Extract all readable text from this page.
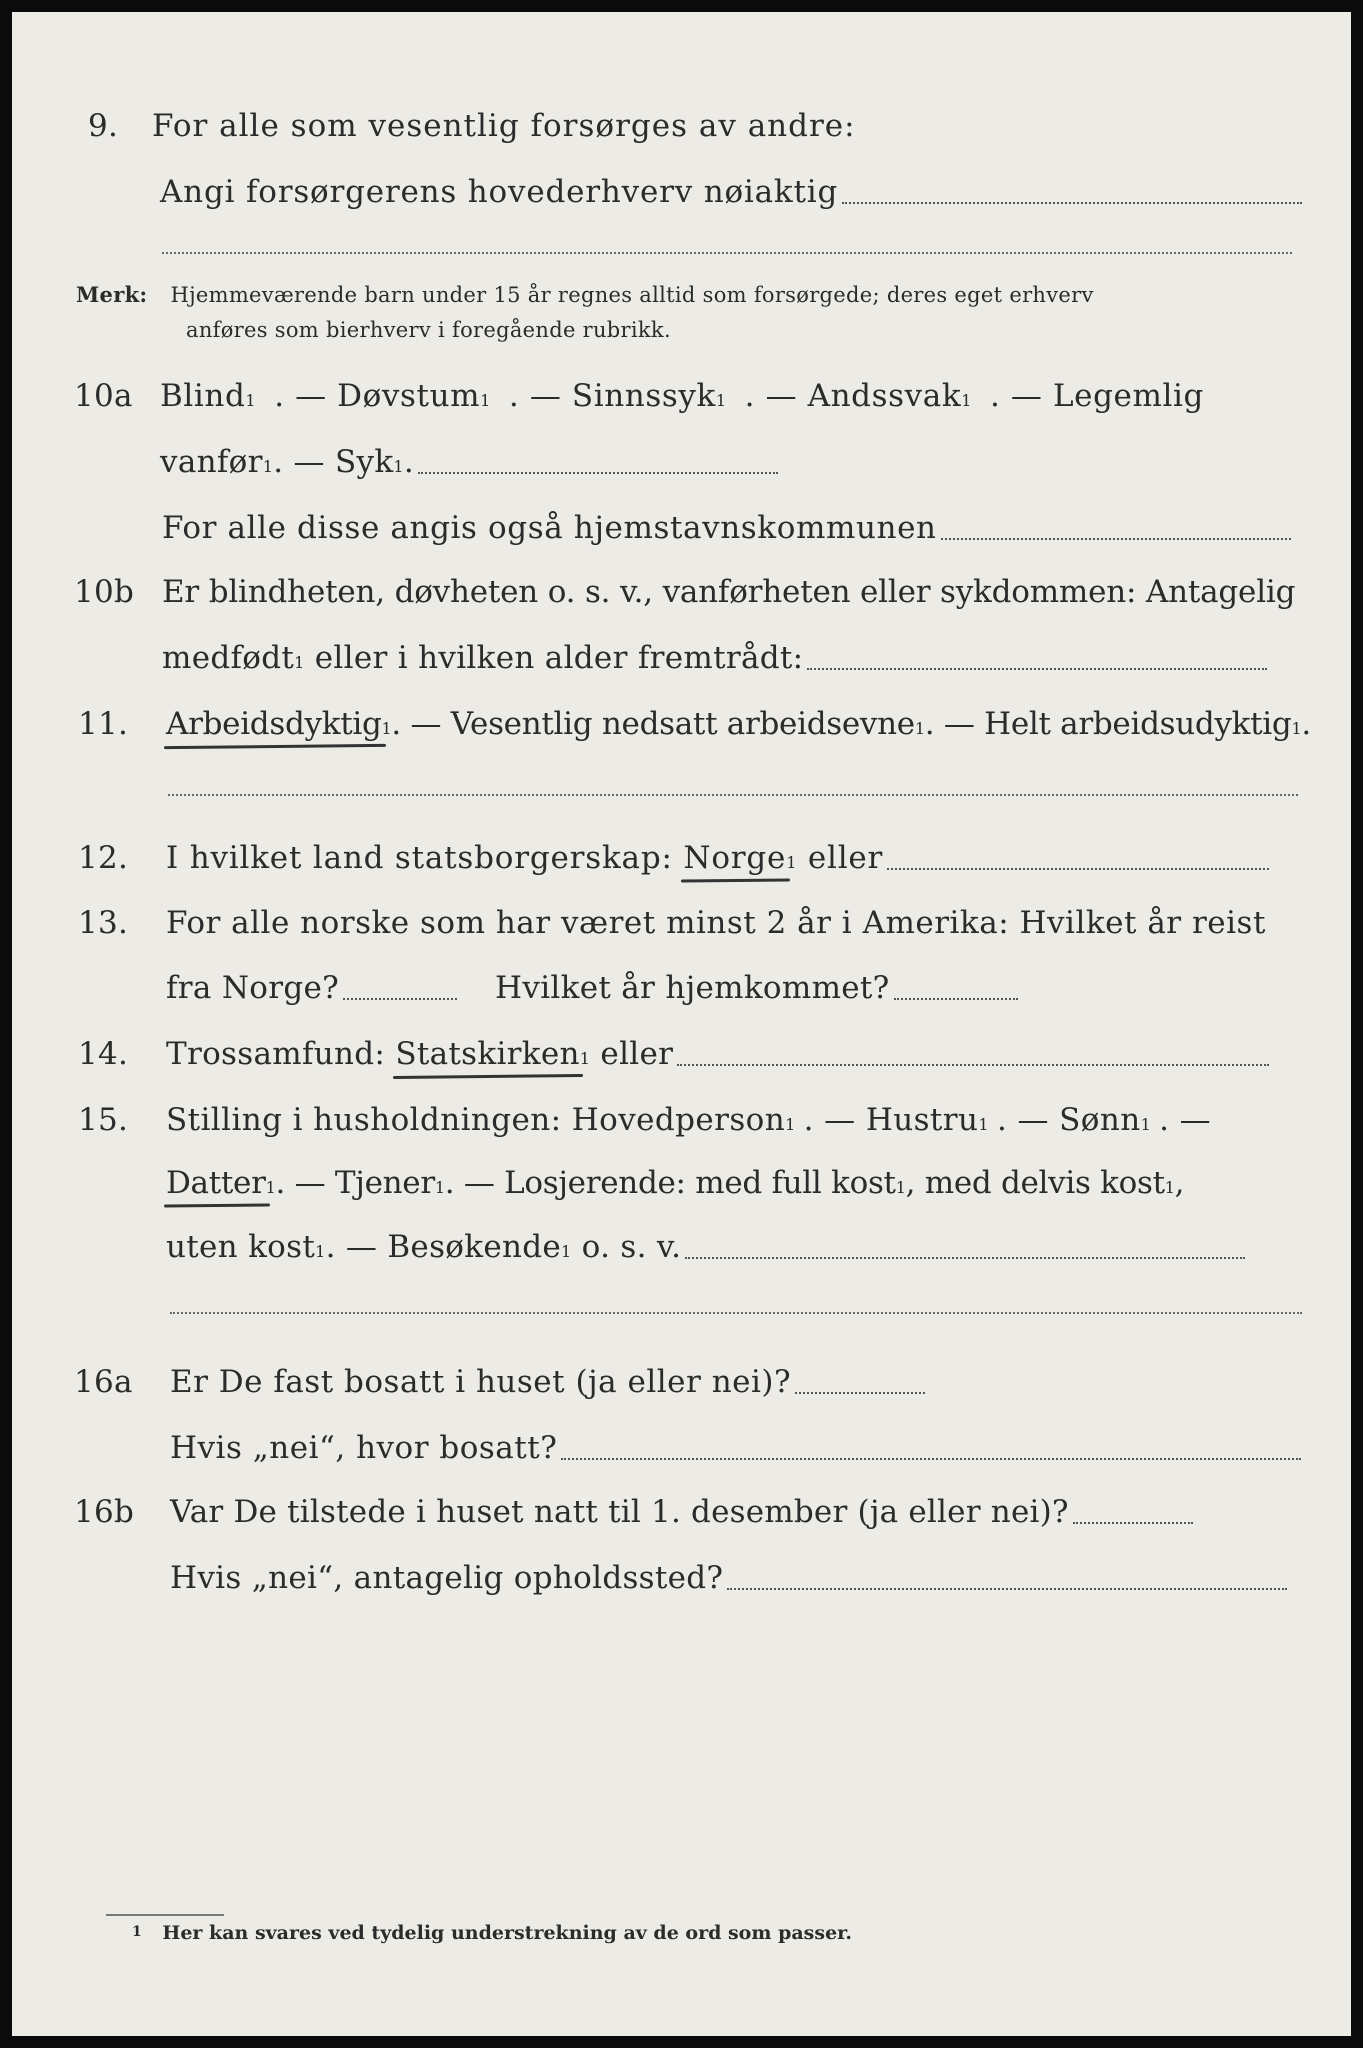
9. For alle som vesentlig forsørges av andre:
Angi forsørgerens hovederhverv nøiaktig
Merk: Hjemmeværende barn under 15 år regnes alltid som forsørgede; deres eget erhverv
anføres som bierhverv i foregående rubrikk.
10a Blind 1 . — Døvstum 1 . — Sinnssyk 1 . — Andssvak 1 . — Legemlig
vanfør 1 . — Syk 1 .
For alle disse angis også hjemstavnskommunen
10b Er blindheten, døvheten o. s. v., vanførheten eller sykdommen: Antagelig
medfødt 1 eller i hvilken alder fremtrådt:
11. Arbeidsdyktig 1 . — Vesentlig nedsatt arbeidsevne 1 . — Helt arbeidsudyktig 1 .
12. I hvilket land statsborgerskap: Norge 1 eller
13. For alle norske som har været minst 2 år i Amerika: Hvilket år reist
fra Norge?	Hvilket år hjemkommet?
14. Trossamfund: Statskirken 1 eller
15. Stilling i husholdningen: Hovedperson 1 . — Hustru 1 . — Sønn 1 . —
Datter 1 . — Tjener 1 . — Losjerende: med full kost 1 , med delvis kost 1 ,
uten kost 1 . — Besøkende 1 o. s. v.
16a Er De fast bosatt i huset (ja eller nei)?
Hvis „nei“, hvor bosatt?
16b Var De tilstede i huset natt til 1. desember (ja eller nei)?
Hvis „nei“, antagelig opholdssted?
1 Her kan svares ved tydelig understrekning av de ord som passer.
